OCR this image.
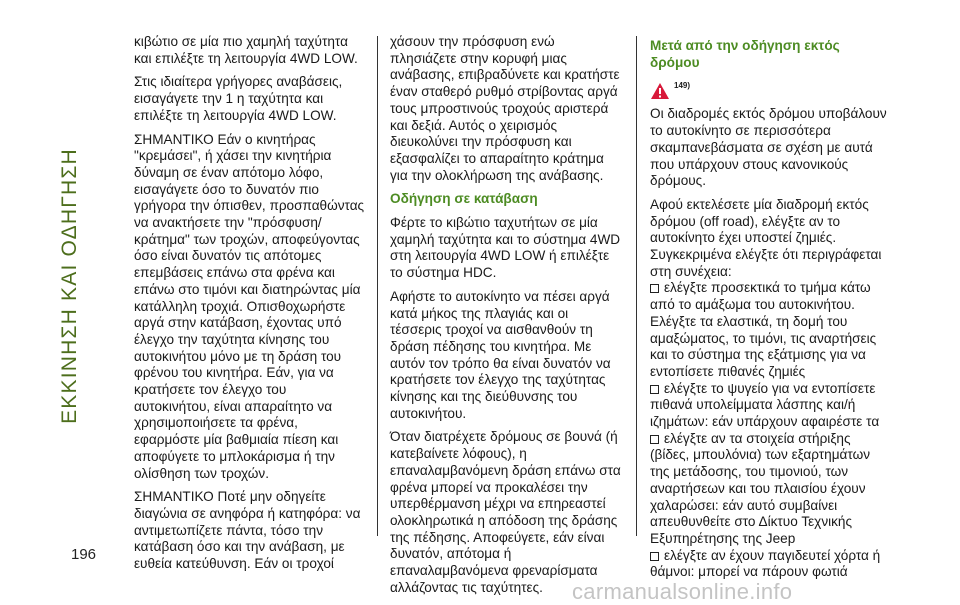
ΕΚΚΙΝΗΣΗ ΚΑΙ ΟΔΗΓΗΣΗ

κιβώτιο σε μία πιο χαμηλή ταχύτητα και επιλέξτε τη λειτουργία 4WD LOW.

Στις ιδιαίτερα γρήγορες αναβάσεις, εισαγάγετε την 1 η ταχύτητα και επιλέξτε τη λειτουργία 4WD LOW.

ΣΗΜΑΝΤΙΚΟ Εάν ο κινητήρας "κρεμάσει", ή χάσει την κινητήρια δύναμη σε έναν απότομο λόφο, εισαγάγετε όσο το δυνατόν πιο γρήγορα την όπισθεν, προσπαθώντας να ανακτήσετε την "πρόσφυση/κράτημα" των τροχών, αποφεύγοντας όσο είναι δυνατόν τις απότομες επεμβάσεις επάνω στα φρένα και επάνω στο τιμόνι και διατηρώντας μία κατάλληλη τροχιά. Οπισθοχωρήστε αργά στην κατάβαση, έχοντας υπό έλεγχο την ταχύτητα κίνησης του αυτοκινήτου μόνο με τη δράση του φρένου του κινητήρα. Εάν, για να κρατήσετε τον έλεγχο του αυτοκινήτου, είναι απαραίτητο να χρησιμοποιήσετε τα φρένα, εφαρμόστε μία βαθμιαία πίεση και αποφύγετε το μπλοκάρισμα ή την ολίσθηση των τροχών.

ΣΗΜΑΝΤΙΚΟ Ποτέ μην οδηγείτε διαγώνια σε ανηφόρα ή κατηφόρα: να αντιμετωπίζετε πάντα, τόσο την κατάβαση όσο και την ανάβαση, με ευθεία κατεύθυνση. Εάν οι τροχοί

χάσουν την πρόσφυση ενώ πλησιάζετε στην κορυφή μιας ανάβασης, επιβραδύνετε και κρατήστε έναν σταθερό ρυθμό στρίβοντας αργά τους μπροστινούς τροχούς αριστερά και δεξιά. Αυτός ο χειρισμός διευκολύνει την πρόσφυση και εξασφαλίζει το απαραίτητο κράτημα για την ολοκλήρωση της ανάβασης.

Οδήγηση σε κατάβαση

Φέρτε το κιβώτιο ταχυτήτων σε μία χαμηλή ταχύτητα και το σύστημα 4WD στη λειτουργία 4WD LOW ή επιλέξτε το σύστημα HDC.

Αφήστε το αυτοκίνητο να πέσει αργά κατά μήκος της πλαγιάς και οι τέσσερις τροχοί να αισθανθούν τη δράση πέδησης του κινητήρα. Με αυτόν τον τρόπο θα είναι δυνατόν να κρατήσετε τον έλεγχο της ταχύτητας κίνησης και της διεύθυνσης του αυτοκινήτου.

Όταν διατρέχετε δρόμους σε βουνά (ή κατεβαίνετε λόφους), η επαναλαμβανόμενη δράση επάνω στα φρένα μπορεί να προκαλέσει την υπερθέρμανση μέχρι να επηρεαστεί ολοκληρωτικά η απόδοση της δράσης της πέδησης. Αποφεύγετε, εάν είναι δυνατόν, απότομα ή επαναλαμβανόμενα φρεναρίσματα αλλάζοντας τις ταχύτητες.

Μετά από την οδήγηση εκτός δρόμου
149)

Οι διαδρομές εκτός δρόμου υποβάλουν το αυτοκίνητο σε περισσότερα σκαμπανεβάσματα σε σχέση με αυτά που υπάρχουν στους κανονικούς δρόμους.

Αφού εκτελέσετε μία διαδρομή εκτός δρόμου (off road), ελέγξτε αν το αυτοκίνητο έχει υποστεί ζημιές. Συγκεκριμένα ελέγξτε ότι περιγράφεται στη συνέχεια:

ελέγξτε προσεκτικά το τμήμα κάτω από το αμάξωμα του αυτοκινήτου. Ελέγξτε τα ελαστικά, τη δομή του αμαξώματος, το τιμόνι, τις αναρτήσεις και το σύστημα της εξάτμισης για να εντοπίσετε πιθανές ζημιές
ελέγξτε το ψυγείο για να εντοπίσετε πιθανά υπολείμματα λάσπης και/ή ιζημάτων: εάν υπάρχουν αφαιρέστε τα
ελέγξτε αν τα στοιχεία στήριξης (βίδες, μπουλόνια) των εξαρτημάτων της μετάδοσης, του τιμονιού, των αναρτήσεων και του πλαισίου έχουν χαλαρώσει: εάν αυτό συμβαίνει απευθυνθείτε στο Δίκτυο Τεχνικής Εξυπηρέτησης της Jeep
ελέγξτε αν έχουν παγιδευτεί χόρτα ή θάμνοι: μπορεί να πάρουν φωτιά
196
carmanualsonline.info
